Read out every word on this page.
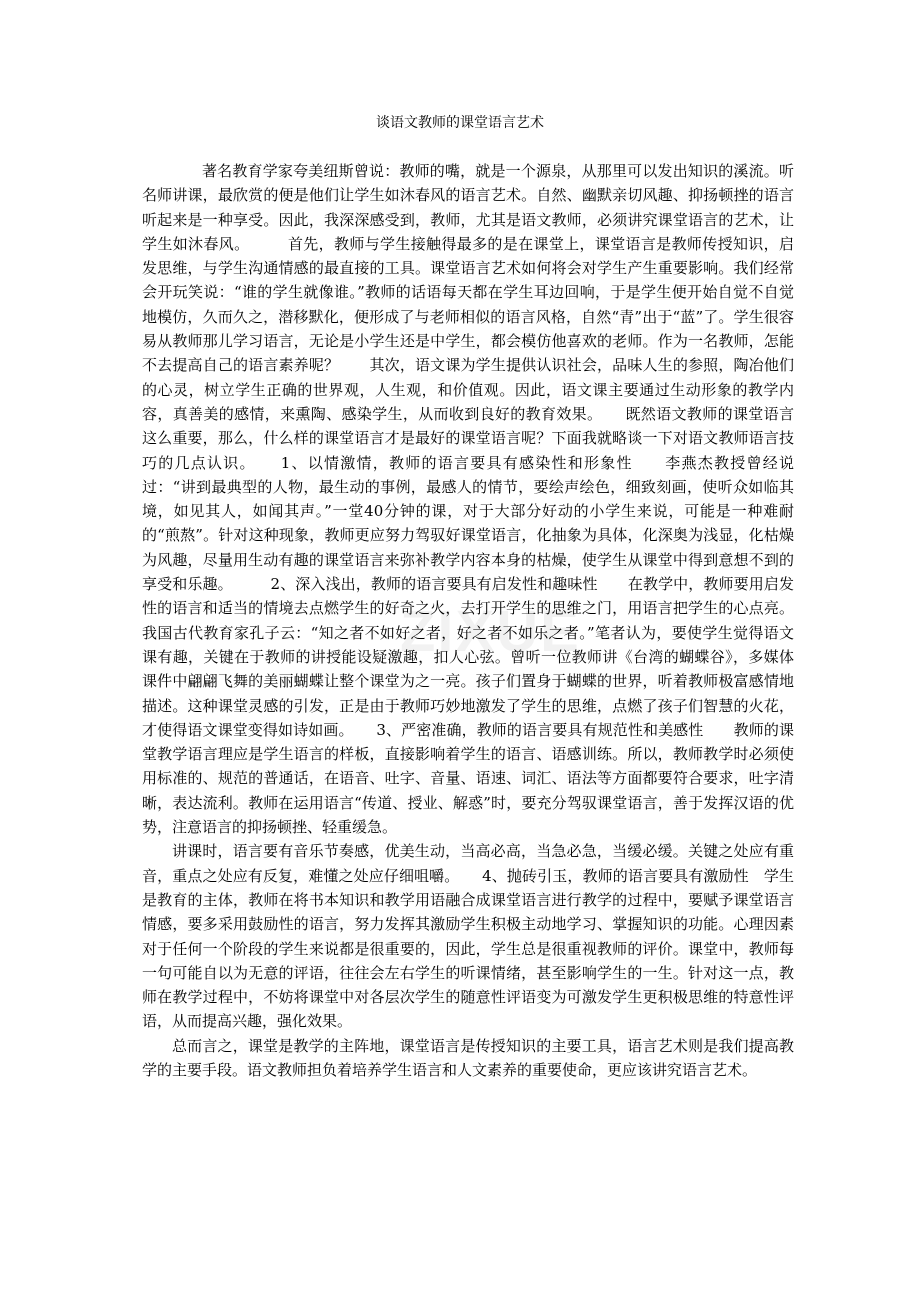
谈语文教师的课堂语言艺术
ZIXUE

著名教育学家夸美纽斯曾说：教师的嘴，就是一个源泉，从那里可以发出知识的溪流。听名师讲课，最欣赏的便是他们让学生如沐春风的语言艺术。自然、幽默亲切风趣、抑扬顿挫的语言听起来是一种享受。因此，我深深感受到，教师，尤其是语文教师，必须讲究课堂语言的艺术，让学生如沐春风。　　　首先，教师与学生接触得最多的是在课堂上，课堂语言是教师传授知识，启发思维，与学生沟通情感的最直接的工具。课堂语言艺术如何将会对学生产生重要影响。我们经常会开玩笑说：“谁的学生就像谁。”教师的话语每天都在学生耳边回响，于是学生便开始自觉不自觉地模仿，久而久之，潜移默化，便形成了与老师相似的语言风格，自然“青”出于“蓝”了。学生很容易从教师那儿学习语言，无论是小学生还是中学生，都会模仿他喜欢的老师。作为一名教师，怎能不去提高自己的语言素养呢？　　其次，语文课为学生提供认识社会，品味人生的参照，陶冶他们的心灵，树立学生正确的世界观，人生观，和价值观。因此，语文课主要通过生动形象的教学内容，真善美的感情，来熏陶、感染学生，从而收到良好的教育效果。　　既然语文教师的课堂语言这么重要，那么，什么样的课堂语言才是最好的课堂语言呢？下面我就略谈一下对语文教师语言技巧的几点认识。　　1、以情激情，教师的语言要具有感染性和形象性　　李燕杰教授曾经说过：“讲到最典型的人物，最生动的事例，最感人的情节，要绘声绘色，细致刻画，使听众如临其境，如见其人，如闻其声。”一堂40分钟的课，对于大部分好动的小学生来说，可能是一种难耐的“煎熬”。针对这种现象，教师更应努力驾驭好课堂语言，化抽象为具体，化深奥为浅显，化枯燥为风趣，尽量用生动有趣的课堂语言来弥补教学内容本身的枯燥，使学生从课堂中得到意想不到的享受和乐趣。　　　2、深入浅出，教师的语言要具有启发性和趣味性　　在教学中，教师要用启发性的语言和适当的情境去点燃学生的好奇之火，去打开学生的思维之门，用语言把学生的心点亮。我国古代教育家孔子云：“知之者不如好之者，好之者不如乐之者。”笔者认为，要使学生觉得语文课有趣，关键在于教师的讲授能设疑激趣，扣人心弦。曾听一位教师讲《台湾的蝴蝶谷》，多媒体课件中翩翩飞舞的美丽蝴蝶让整个课堂为之一亮。孩子们置身于蝴蝶的世界，听着教师极富感情地描述。这种课堂灵感的引发，正是由于教师巧妙地激发了学生的思维，点燃了孩子们智慧的火花，才使得语文课堂变得如诗如画。　　3、严密准确，教师的语言要具有规范性和美感性　　教师的课堂教学语言理应是学生语言的样板，直接影响着学生的语言、语感训练。所以，教师教学时必须使用标准的、规范的普通话，在语音、吐字、音量、语速、词汇、语法等方面都要符合要求，吐字清晰，表达流利。教师在运用语言“传道、授业、解惑”时，要充分驾驭课堂语言，善于发挥汉语的优势，注意语言的抑扬顿挫、轻重缓急。

讲课时，语言要有音乐节奏感，优美生动，当高必高，当急必急，当缓必缓。关键之处应有重音，重点之处应有反复，难懂之处应仔细咀嚼。　　4、抛砖引玉，教师的语言要具有激励性　学生是教育的主体，教师在将书本知识和教学用语融合成课堂语言进行教学的过程中，要赋予课堂语言情感，要多采用鼓励性的语言，努力发挥其激励学生积极主动地学习、掌握知识的功能。心理因素对于任何一个阶段的学生来说都是很重要的，因此，学生总是很重视教师的评价。课堂中，教师每一句可能自以为无意的评语，往往会左右学生的听课情绪，甚至影响学生的一生。针对这一点，教师在教学过程中，不妨将课堂中对各层次学生的随意性评语变为可激发学生更积极思维的特意性评语，从而提高兴趣，强化效果。

总而言之，课堂是教学的主阵地，课堂语言是传授知识的主要工具，语言艺术则是我们提高教学的主要手段。语文教师担负着培养学生语言和人文素养的重要使命，更应该讲究语言艺术。
